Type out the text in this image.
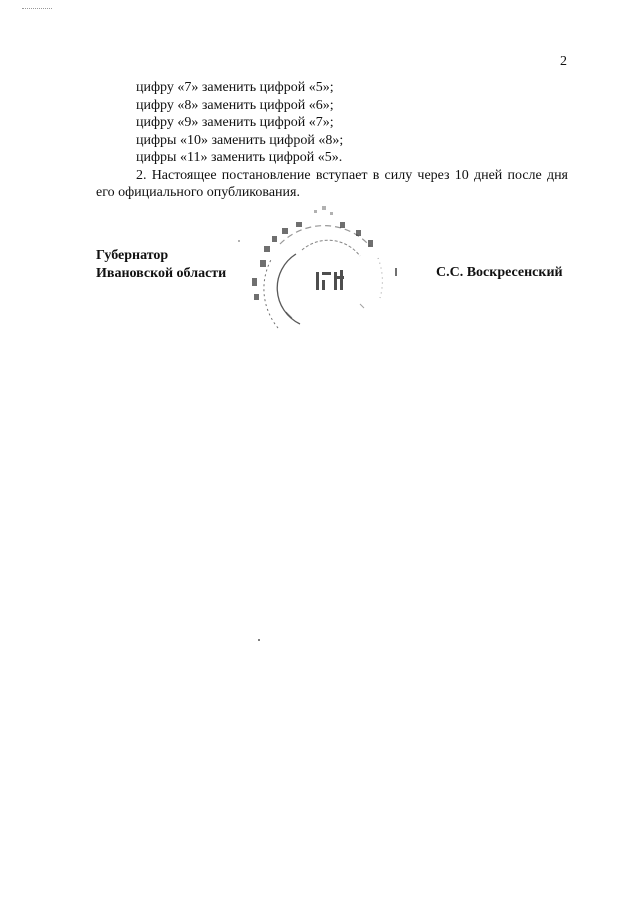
2

цифру «7» заменить цифрой «5»;

цифру «8» заменить цифрой «6»;

цифру «9» заменить цифрой «7»;

цифры «10» заменить цифрой «8»;

цифры «11» заменить цифрой «5».

2. Настоящее постановление вступает в силу через 10 дней после дня его официального опубликования.

Губернатор
Ивановской области	С.С. Воскресенский
